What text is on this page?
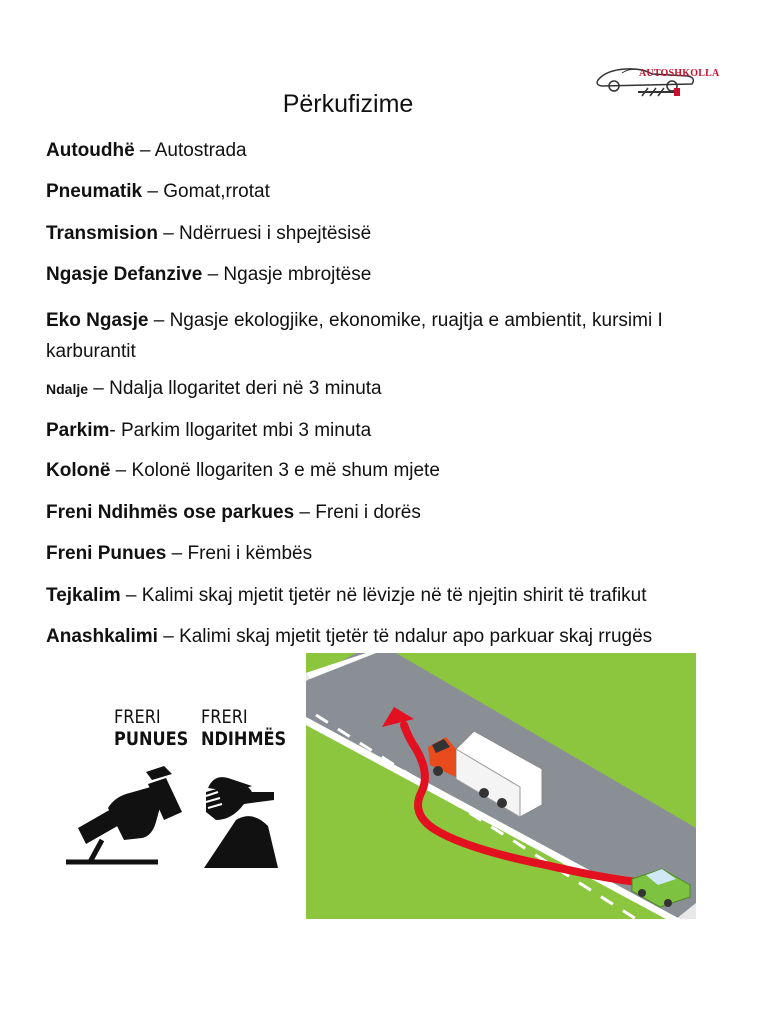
AUTOSHKOLLA
Përkufizime
Autoudhë – Autostrada
Pneumatik – Gomat,rrotat
Transmision – Ndërruesi i shpejtësisë
Ngasje Defanzive – Ngasje mbrojtëse
Eko Ngasje – Ngasje ekologjike, ekonomike, ruajtja e ambientit, kursimi I karburantit
Ndalje – Ndalja llogaritet deri në 3 minuta
Parkim- Parkim llogaritet mbi 3 minuta
Kolonë – Kolonë llogariten 3 e më shum mjete
Freni Ndihmës ose parkues – Freni i dorës
Freni Punues – Freni i këmbës
Tejkalim – Kalimi skaj mjetit tjetër në lëvizje në të njejtin shirit të trafikut
Anashkalimi – Kalimi skaj mjetit tjetër të ndalur apo parkuar skaj rrugës
FRERI
PUNUES
FRERI
NDIHMËS
